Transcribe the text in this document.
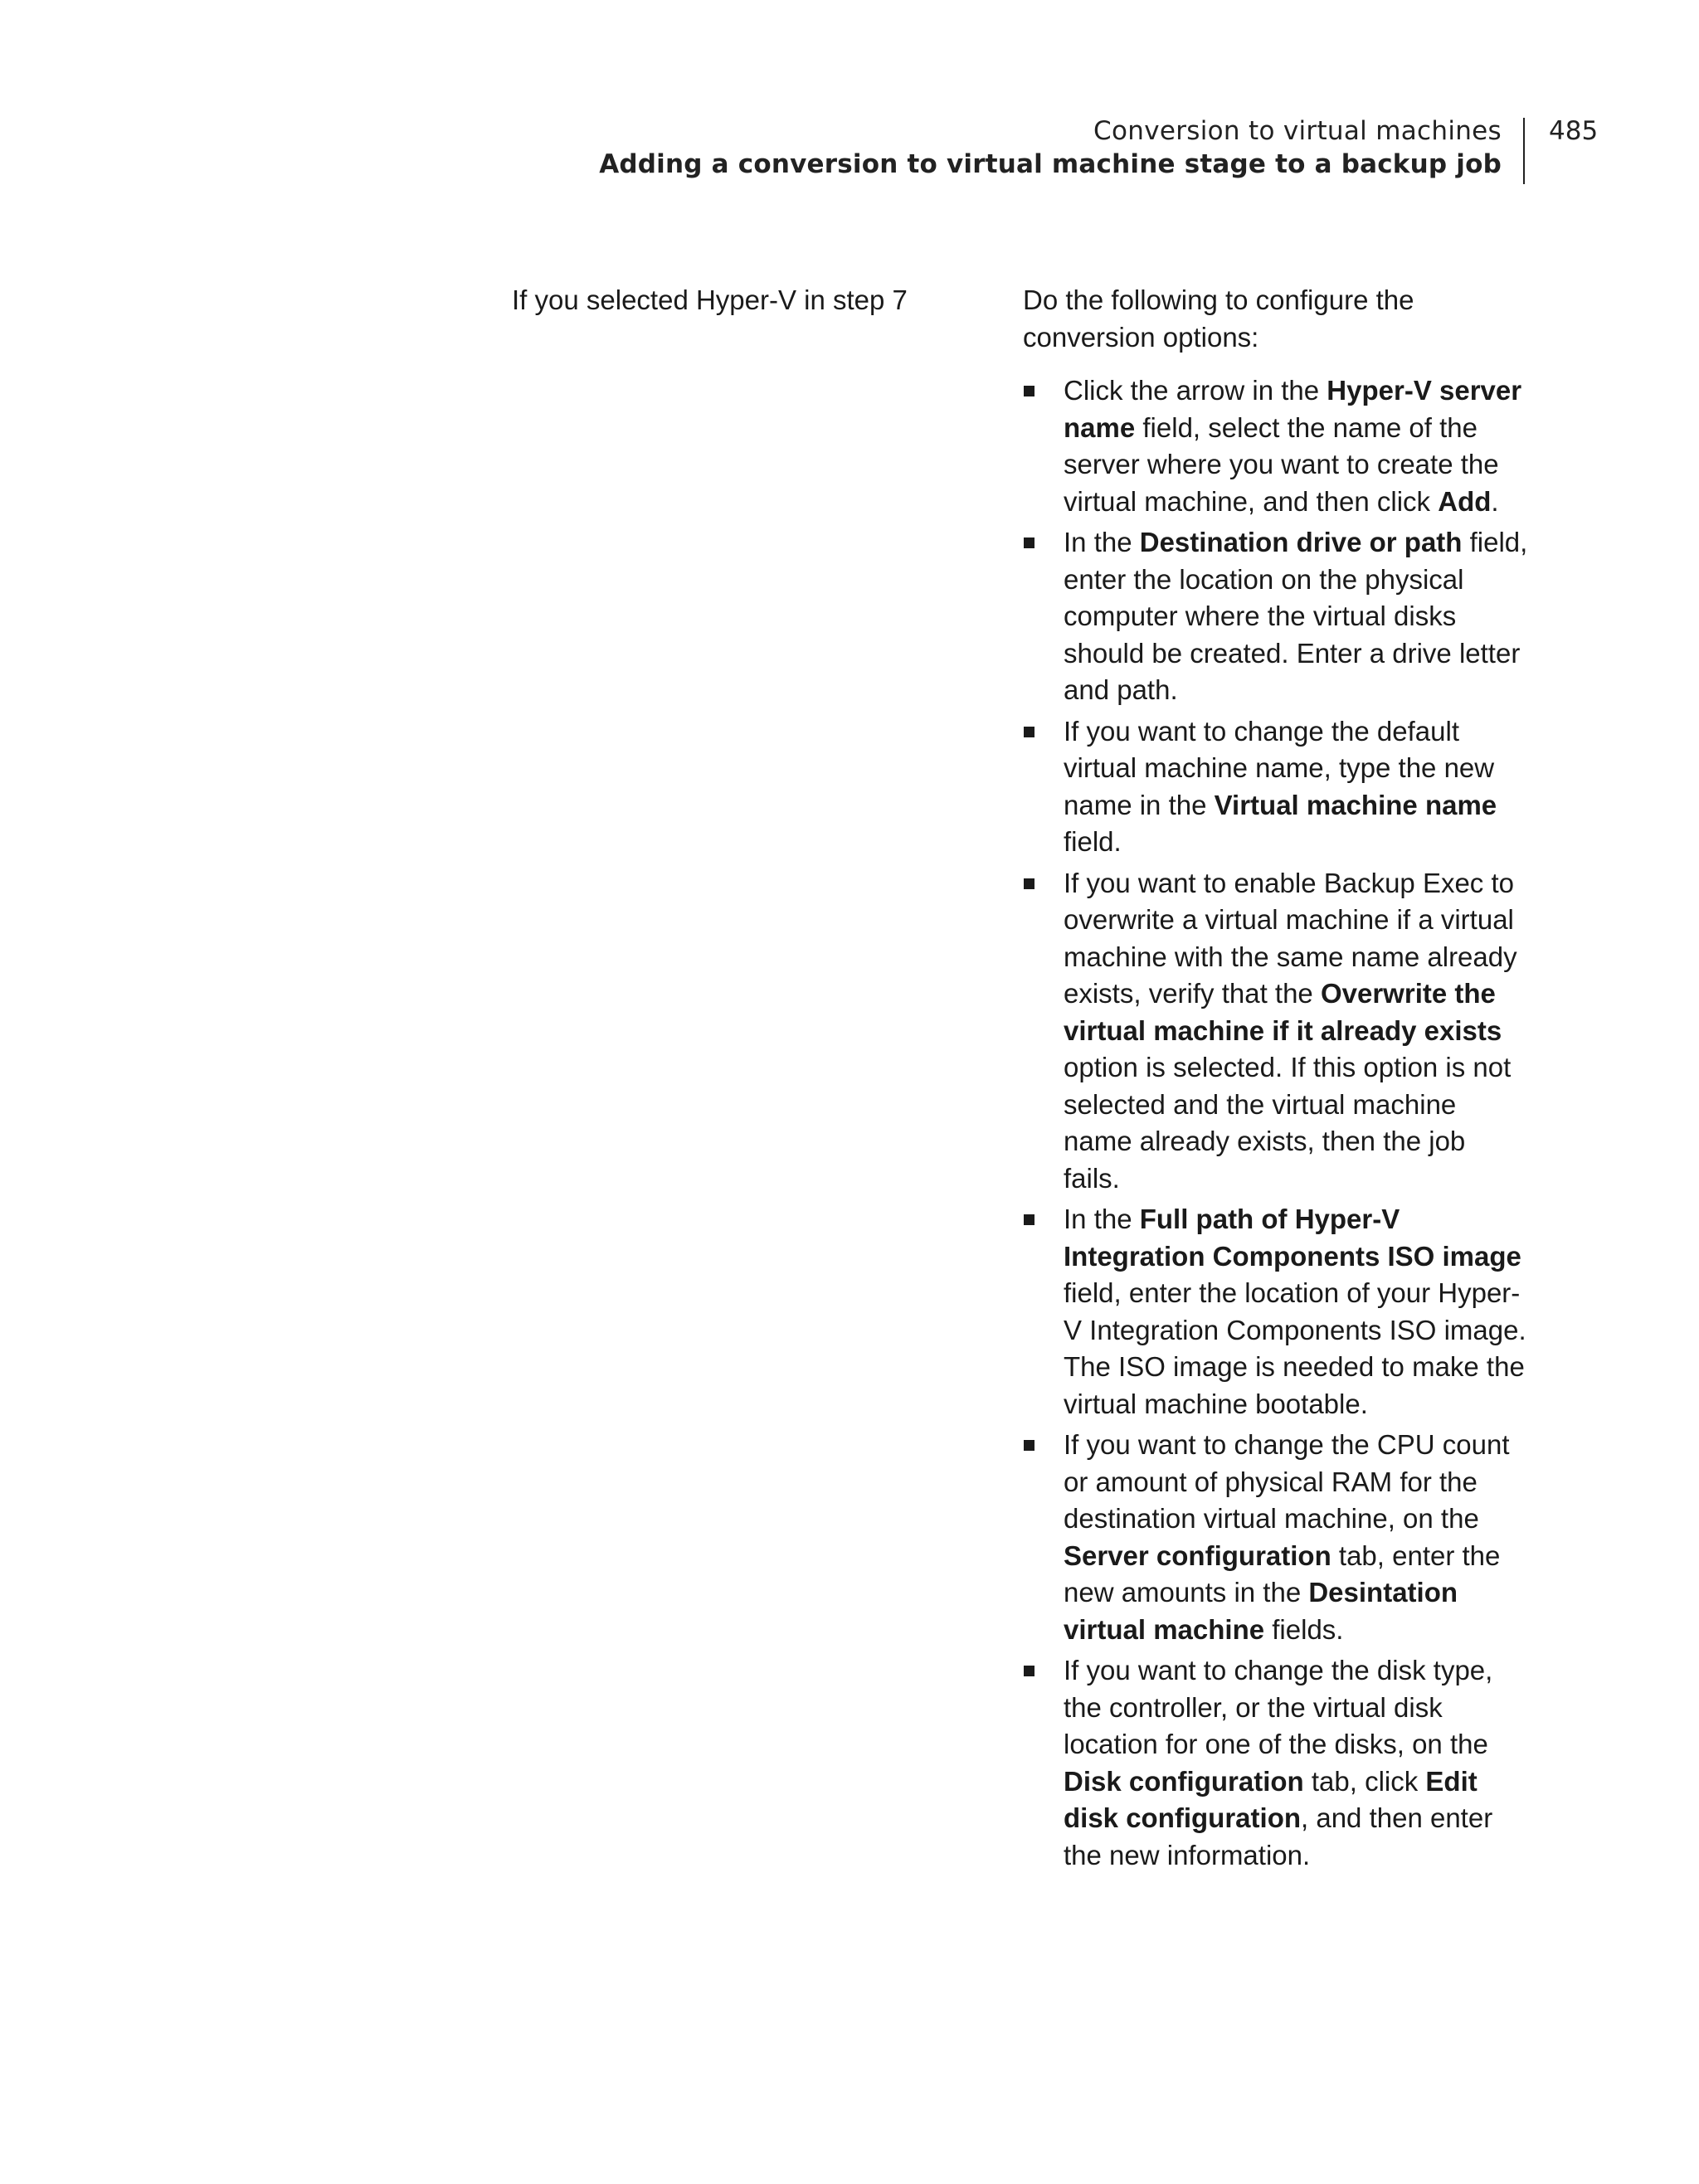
Conversion to virtual machines
Adding a conversion to virtual machine stage to a backup job
485
If you selected Hyper-V in step 7	Do the following to configure the conversion options:

Click the arrow in the Hyper-V server name field, select the name of the server where you want to create the virtual machine, and then click Add.
In the Destination drive or path field, enter the location on the physical computer where the virtual disks should be created. Enter a drive letter and path.
If you want to change the default virtual machine name, type the new name in the Virtual machine name field.
If you want to enable Backup Exec to overwrite a virtual machine if a virtual machine with the same name already exists, verify that the Overwrite the virtual machine if it already exists option is selected. If this option is not selected and the virtual machine name already exists, then the job fails.
In the Full path of Hyper-V Integration Components ISO image field, enter the location of your Hyper-V Integration Components ISO image. The ISO image is needed to make the virtual machine bootable.
If you want to change the CPU count or amount of physical RAM for the destination virtual machine, on the Server configuration tab, enter the new amounts in the Desintation virtual machine fields.
If you want to change the disk type, the controller, or the virtual disk location for one of the disks, on the Disk configuration tab, click Edit disk configuration, and then enter the new information.
